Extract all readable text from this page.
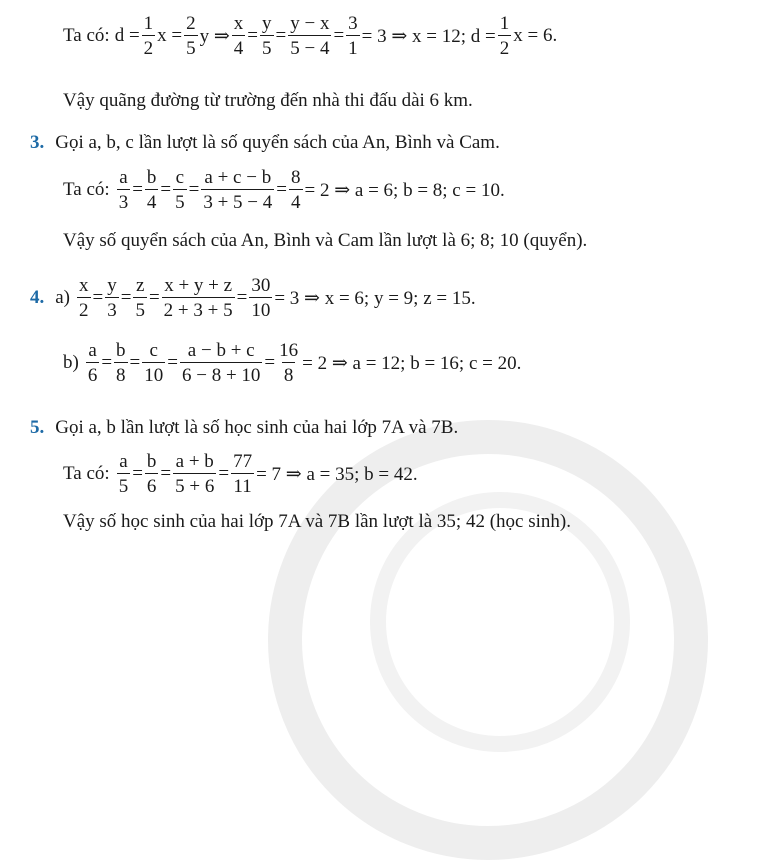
Ta có: $d = \frac{1}{2}$ $x = \frac{2}{5}$ y ⇒ $\frac{x}{4} = \frac{y}{5} = \frac{y - x}{5 - 4} = \frac{3}{1} = 3$ ⇒ x = 12; $d = \frac{1}{2}$ x = 6.
Vậy quãng đường từ trường đến nhà thi đấu dài 6 km.
3. Gọi a, b, c lần lượt là số quyển sách của An, Bình và Cam.
Ta có: $\frac{a}{3} = \frac{b}{4} = \frac{c}{5} = \frac{a + c - b}{3 + 5 - 4} = \frac{8}{4} = 2$ ⇒ a = 6; b = 8; c = 10.
Vậy số quyển sách của An, Bình và Cam lần lượt là 6; 8; 10 (quyển).
4. $a) \frac{x}{2} = \frac{y}{3} = \frac{z}{5} = \frac{x + y + z}{2 + 3 + 5} = \frac{30}{10} = 3$ ⇒ x = 6; y = 9; z = 15.
$b) \frac{a}{6} = \frac{b}{8} = \frac{c}{10} = \frac{a - b + c}{6 - 8 + 10} = \frac{16}{8} = 2$ ⇒ a = 12; b = 16; c = 20.
5. Gọi a, b lần lượt là số học sinh của hai lớp 7A và 7B.
Ta có: $\frac{a}{5} = \frac{b}{6} = \frac{a + b}{5 + 6} = \frac{77}{11} = 7$ ⇒ a = 35; b = 42.
Vậy số học sinh của hai lớp 7A và 7B lần lượt là 35; 42 (học sinh).
